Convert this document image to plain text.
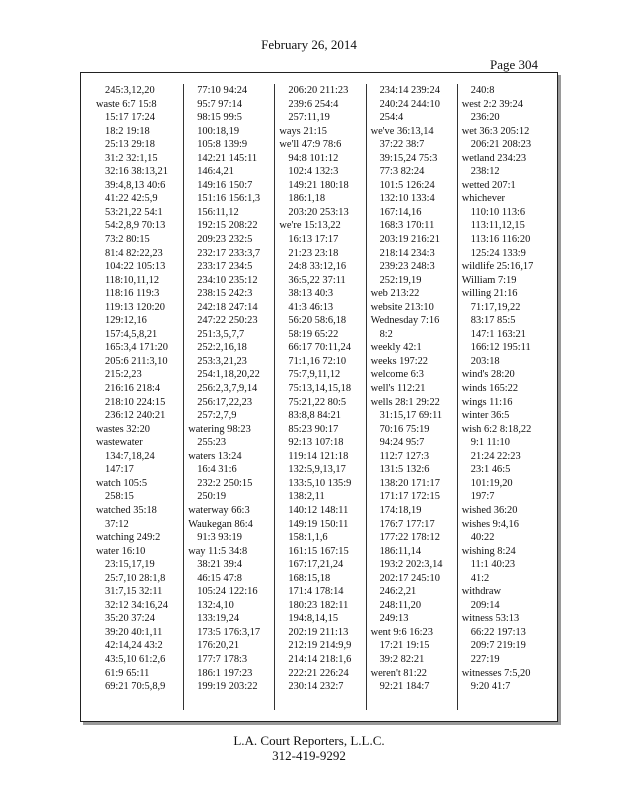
February 26, 2014
Page 304
245:3,12,20
waste 6:7 15:8
15:17 17:24
18:2 19:18
25:13 29:18
31:2 32:1,15
32:16 38:13,21
39:4,8,13 40:6
41:22 42:5,9
53:21,22 54:1
54:2,8,9 70:13
73:2 80:15
81:4 82:22,23
104:22 105:13
118:10,11,12
118:16 119:3
119:13 120:20
129:12,16
157:4,5,8,21
165:3,4 171:20
205:6 211:3,10
215:2,23
216:16 218:4
218:10 224:15
236:12 240:21
wastes 32:20
wastewater
134:7,18,24
147:17
watch 105:5
258:15
watched 35:18
37:12
watching 249:2
water 16:10
23:15,17,19
25:7,10 28:1,8
31:7,15 32:11
32:12 34:16,24
35:20 37:24
39:20 40:1,11
42:14,24 43:2
43:5,10 61:2,6
61:9 65:11
69:21 70:5,8,9
77:10 94:24
95:7 97:14
98:15 99:5
100:18,19
105:8 139:9
142:21 145:11
146:4,21
149:16 150:7
151:16 156:1,3
156:11,12
192:15 208:22
209:23 232:5
232:17 233:3,7
233:17 234:5
234:10 235:12
238:15 242:3
242:18 247:14
247:22 250:23
251:3,5,7,7
252:2,16,18
253:3,21,23
254:1,18,20,22
256:2,3,7,9,14
256:17,22,23
257:2,7,9
watering 98:23
255:23
waters 13:24
16:4 31:6
232:2 250:15
250:19
waterway 66:3
Waukegan 86:4
91:3 93:19
way 11:5 34:8
38:21 39:4
46:15 47:8
105:24 122:16
132:4,10
133:19,24
173:5 176:3,17
176:20,21
177:7 178:3
186:1 197:23
199:19 203:22
206:20 211:23
239:6 254:4
257:11,19
ways 21:15
we'll 47:9 78:6
94:8 101:12
102:4 132:3
149:21 180:18
186:1,18
203:20 253:13
we're 15:13,22
16:13 17:17
21:23 23:18
24:8 33:12,16
36:5,22 37:11
38:13 40:3
41:3 46:13
56:20 58:6,18
58:19 65:22
66:17 70:11,24
71:1,16 72:10
75:7,9,11,12
75:13,14,15,18
75:21,22 80:5
83:8,8 84:21
85:23 90:17
92:13 107:18
119:14 121:18
132:5,9,13,17
133:5,10 135:9
138:2,11
140:12 148:11
149:19 150:11
158:1,1,6
161:15 167:15
167:17,21,24
168:15,18
171:4 178:14
180:23 182:11
194:8,14,15
202:19 211:13
212:19 214:9,9
214:14 218:1,6
222:21 226:24
230:14 232:7
234:14 239:24
240:24 244:10
254:4
we've 36:13,14
37:22 38:7
39:15,24 75:3
77:3 82:24
101:5 126:24
132:10 133:4
167:14,16
168:3 170:11
203:19 216:21
218:14 234:3
239:23 248:3
252:19,19
web 213:22
website 213:10
Wednesday 7:16
8:2
weekly 42:1
weeks 197:22
welcome 6:3
well's 112:21
wells 28:1 29:22
31:15,17 69:11
70:16 75:19
94:24 95:7
112:7 127:3
131:5 132:6
138:20 171:17
171:17 172:15
174:18,19
176:7 177:17
177:22 178:12
186:11,14
193:2 202:3,14
202:17 245:10
246:2,21
248:11,20
249:13
went 9:6 16:23
17:21 19:15
39:2 82:21
weren't 81:22
92:21 184:7
240:8
west 2:2 39:24
236:20
wet 36:3 205:12
206:21 208:23
wetland 234:23
238:12
wetted 207:1
whichever
110:10 113:6
113:11,12,15
113:16 116:20
125:24 133:9
wildlife 25:16,17
William 7:19
willing 21:16
71:17,19,22
83:17 85:5
147:1 163:21
166:12 195:11
203:18
wind's 28:20
winds 165:22
wings 11:16
winter 36:5
wish 6:2 8:18,22
9:1 11:10
21:24 22:23
23:1 46:5
101:19,20
197:7
wished 36:20
wishes 9:4,16
40:22
wishing 8:24
11:1 40:23
41:2
withdraw
209:14
witness 53:13
66:22 197:13
209:7 219:19
227:19
witnesses 7:5,20
9:20 41:7
L.A. Court Reporters, L.L.C.
312-419-9292
